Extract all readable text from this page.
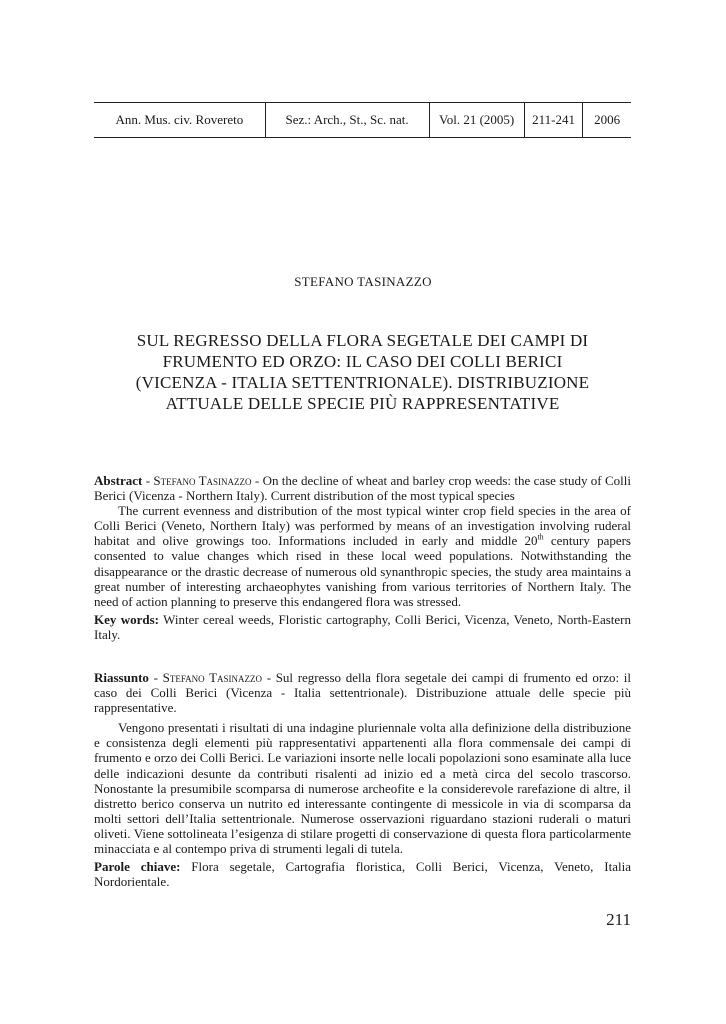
Ann. Mus. civ. Rovereto	Sez.: Arch., St., Sc. nat.	Vol. 21 (2005)	211-241	2006
STEFANO TASINAZZO
SUL REGRESSO DELLA FLORA SEGETALE DEI CAMPI DI
FRUMENTO ED ORZO: IL CASO DEI COLLI BERICI
(VICENZA - ITALIA SETTENTRIONALE). DISTRIBUZIONE
ATTUALE DELLE SPECIE PIÙ RAPPRESENTATIVE

Abstract - Stefano Tasinazzo - On the decline of wheat and barley crop weeds: the case study of Colli Berici (Vicenza - Northern Italy). Current distribution of the most typical species

The current evenness and distribution of the most typical winter crop field species in the area of Colli Berici (Veneto, Northern Italy) was performed by means of an investigation involving ruderal habitat and olive growings too. Informations included in early and middle 20th century papers consented to value changes which rised in these local weed populations. Notwithstanding the disappearance or the drastic decrease of numerous old synanthropic species, the study area maintains a great number of interesting archaeophytes vanishing from various territories of Northern Italy. The need of action planning to preserve this endangered flora was stressed.

Key words: Winter cereal weeds, Floristic cartography, Colli Berici, Vicenza, Veneto, North-Eastern Italy.

Riassunto - Stefano Tasinazzo - Sul regresso della flora segetale dei campi di frumento ed orzo: il caso dei Colli Berici (Vicenza - Italia settentrionale). Distribuzione attuale delle specie più rappresentative.

Vengono presentati i risultati di una indagine pluriennale volta alla definizione della distribuzione e consistenza degli elementi più rappresentativi appartenenti alla flora commensale dei campi di frumento e orzo dei Colli Berici. Le variazioni insorte nelle locali popolazioni sono esaminate alla luce delle indicazioni desunte da contributi risalenti ad inizio ed a metà circa del secolo trascorso. Nonostante la presumibile scomparsa di numerose archeofite e la considerevole rarefazione di altre, il distretto berico conserva un nutrito ed interessante contingente di messicole in via di scomparsa da molti settori dell’Italia settentrionale. Numerose osservazioni riguardano stazioni ruderali o maturi oliveti. Viene sottolineata l’esigenza di stilare progetti di conservazione di questa flora particolarmente minacciata e al contempo priva di strumenti legali di tutela.

Parole chiave: Flora segetale, Cartografia floristica, Colli Berici, Vicenza, Veneto, Italia Nordorientale.

211
